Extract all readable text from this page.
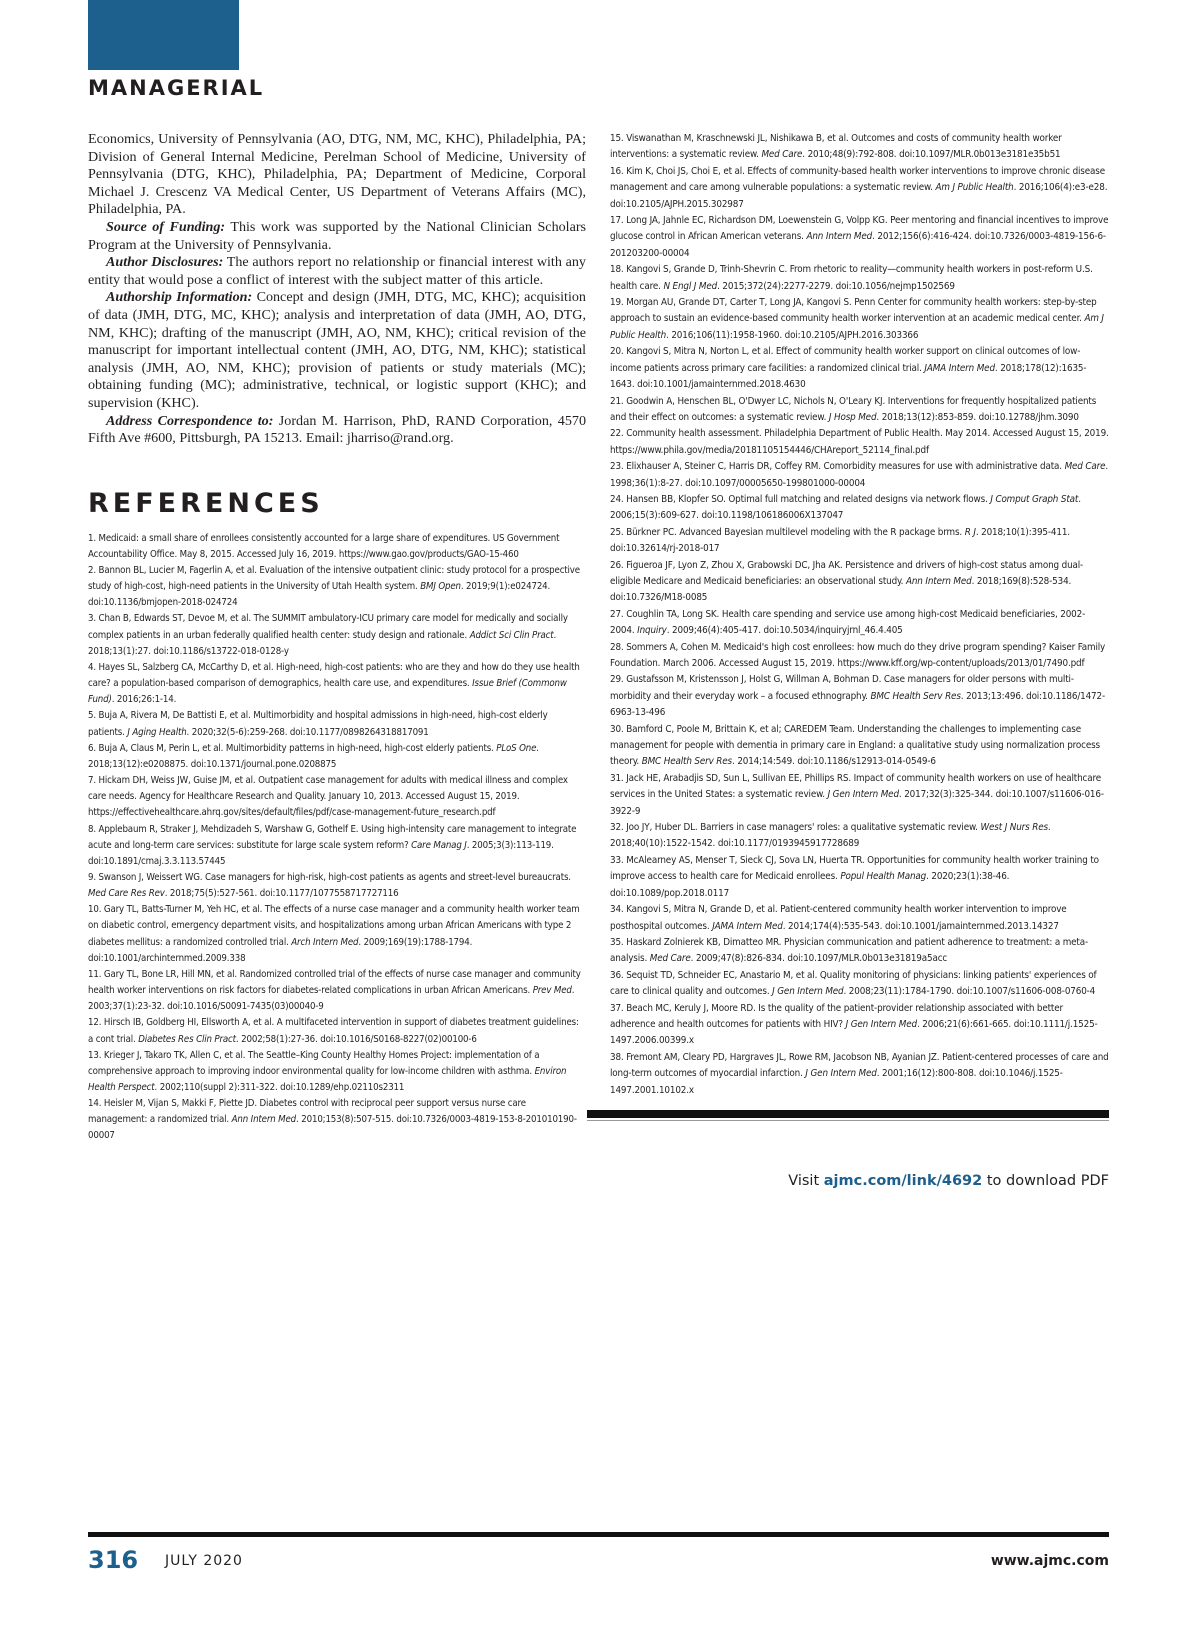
MANAGERIAL

Economics, University of Pennsylvania (AO, DTG, NM, MC, KHC), Philadelphia, PA; Division of General Internal Medicine, Perelman School of Medicine, University of Pennsylvania (DTG, KHC), Philadelphia, PA; Department of Medicine, Corporal Michael J. Crescenz VA Medical Center, US Department of Veterans Affairs (MC), Philadelphia, PA.

Source of Funding: This work was supported by the National Clinician Scholars Program at the University of Pennsylvania.

Author Disclosures: The authors report no relationship or financial interest with any entity that would pose a conflict of interest with the subject matter of this article.

Authorship Information: Concept and design (JMH, DTG, MC, KHC); acquisition of data (JMH, DTG, MC, KHC); analysis and interpretation of data (JMH, AO, DTG, NM, KHC); drafting of the manuscript (JMH, AO, NM, KHC); critical revision of the manuscript for important intellectual content (JMH, AO, DTG, NM, KHC); statistical analysis (JMH, AO, NM, KHC); provision of patients or study materials (MC); obtaining funding (MC); administrative, technical, or logistic support (KHC); and supervision (KHC).

Address Correspondence to: Jordan M. Harrison, PhD, RAND Corporation, 4570 Fifth Ave #600, Pittsburgh, PA 15213. Email: jharriso@rand.org.

REFERENCES

1. Medicaid: a small share of enrollees consistently accounted for a large share of expenditures. US Government Accountability Office. May 8, 2015. Accessed July 16, 2019. https://www.gao.gov/products/GAO-15-460

2. Bannon BL, Lucier M, Fagerlin A, et al. Evaluation of the intensive outpatient clinic: study protocol for a prospective study of high-cost, high-need patients in the University of Utah Health system. BMJ Open. 2019;9(1):e024724. doi:10.1136/bmjopen-2018-024724

3. Chan B, Edwards ST, Devoe M, et al. The SUMMIT ambulatory-ICU primary care model for medically and socially complex patients in an urban federally qualified health center: study design and rationale. Addict Sci Clin Pract. 2018;13(1):27. doi:10.1186/s13722-018-0128-y

4. Hayes SL, Salzberg CA, McCarthy D, et al. High-need, high-cost patients: who are they and how do they use health care? a population-based comparison of demographics, health care use, and expenditures. Issue Brief (Commonw Fund). 2016;26:1-14.

5. Buja A, Rivera M, De Battisti E, et al. Multimorbidity and hospital admissions in high-need, high-cost elderly patients. J Aging Health. 2020;32(5-6):259-268. doi:10.1177/0898264318817091

6. Buja A, Claus M, Perin L, et al. Multimorbidity patterns in high-need, high-cost elderly patients. PLoS One. 2018;13(12):e0208875. doi:10.1371/journal.pone.0208875

7. Hickam DH, Weiss JW, Guise JM, et al. Outpatient case management for adults with medical illness and complex care needs. Agency for Healthcare Research and Quality. January 10, 2013. Accessed August 15, 2019. https://effectivehealthcare.ahrq.gov/sites/default/files/pdf/case-management-future_research.pdf

8. Applebaum R, Straker J, Mehdizadeh S, Warshaw G, Gothelf E. Using high-intensity care management to integrate acute and long-term care services: substitute for large scale system reform? Care Manag J. 2005;3(3):113-119. doi:10.1891/cmaj.3.3.113.57445

9. Swanson J, Weissert WG. Case managers for high-risk, high-cost patients as agents and street-level bureaucrats. Med Care Res Rev. 2018;75(5):527-561. doi:10.1177/1077558717727116

10. Gary TL, Batts-Turner M, Yeh HC, et al. The effects of a nurse case manager and a community health worker team on diabetic control, emergency department visits, and hospitalizations among urban African Americans with type 2 diabetes mellitus: a randomized controlled trial. Arch Intern Med. 2009;169(19):1788-1794. doi:10.1001/archinternmed.2009.338

11. Gary TL, Bone LR, Hill MN, et al. Randomized controlled trial of the effects of nurse case manager and community health worker interventions on risk factors for diabetes-related complications in urban African Americans. Prev Med. 2003;37(1):23-32. doi:10.1016/S0091-7435(03)00040-9

12. Hirsch IB, Goldberg HI, Ellsworth A, et al. A multifaceted intervention in support of diabetes treatment guidelines: a cont trial. Diabetes Res Clin Pract. 2002;58(1):27-36. doi:10.1016/S0168-8227(02)00100-6

13. Krieger J, Takaro TK, Allen C, et al. The Seattle–King County Healthy Homes Project: implementation of a comprehensive approach to improving indoor environmental quality for low-income children with asthma. Environ Health Perspect. 2002;110(suppl 2):311-322. doi:10.1289/ehp.02110s2311

14. Heisler M, Vijan S, Makki F, Piette JD. Diabetes control with reciprocal peer support versus nurse care management: a randomized trial. Ann Intern Med. 2010;153(8):507-515. doi:10.7326/0003-4819-153-8-201010190-00007

15. Viswanathan M, Kraschnewski JL, Nishikawa B, et al. Outcomes and costs of community health worker interventions: a systematic review. Med Care. 2010;48(9):792-808. doi:10.1097/MLR.0b013e3181e35b51

16. Kim K, Choi JS, Choi E, et al. Effects of community-based health worker interventions to improve chronic disease management and care among vulnerable populations: a systematic review. Am J Public Health. 2016;106(4):e3-e28. doi:10.2105/AJPH.2015.302987

17. Long JA, Jahnle EC, Richardson DM, Loewenstein G, Volpp KG. Peer mentoring and financial incentives to improve glucose control in African American veterans. Ann Intern Med. 2012;156(6):416-424. doi:10.7326/0003-4819-156-6-201203200-00004

18. Kangovi S, Grande D, Trinh-Shevrin C. From rhetoric to reality—community health workers in post-reform U.S. health care. N Engl J Med. 2015;372(24):2277-2279. doi:10.1056/nejmp1502569

19. Morgan AU, Grande DT, Carter T, Long JA, Kangovi S. Penn Center for community health workers: step-by-step approach to sustain an evidence-based community health worker intervention at an academic medical center. Am J Public Health. 2016;106(11):1958-1960. doi:10.2105/AJPH.2016.303366

20. Kangovi S, Mitra N, Norton L, et al. Effect of community health worker support on clinical outcomes of low-income patients across primary care facilities: a randomized clinical trial. JAMA Intern Med. 2018;178(12):1635-1643. doi:10.1001/jamainternmed.2018.4630

21. Goodwin A, Henschen BL, O'Dwyer LC, Nichols N, O'Leary KJ. Interventions for frequently hospitalized patients and their effect on outcomes: a systematic review. J Hosp Med. 2018;13(12):853-859. doi:10.12788/jhm.3090

22. Community health assessment. Philadelphia Department of Public Health. May 2014. Accessed August 15, 2019. https://www.phila.gov/media/20181105154446/CHAreport_52114_final.pdf

23. Elixhauser A, Steiner C, Harris DR, Coffey RM. Comorbidity measures for use with administrative data. Med Care. 1998;36(1):8-27. doi:10.1097/00005650-199801000-00004

24. Hansen BB, Klopfer SO. Optimal full matching and related designs via network flows. J Comput Graph Stat. 2006;15(3):609-627. doi:10.1198/106186006X137047

25. Bürkner PC. Advanced Bayesian multilevel modeling with the R package brms. R J. 2018;10(1):395-411. doi:10.32614/rj-2018-017

26. Figueroa JF, Lyon Z, Zhou X, Grabowski DC, Jha AK. Persistence and drivers of high-cost status among dual-eligible Medicare and Medicaid beneficiaries: an observational study. Ann Intern Med. 2018;169(8):528-534. doi:10.7326/M18-0085

27. Coughlin TA, Long SK. Health care spending and service use among high-cost Medicaid beneficiaries, 2002-2004. Inquiry. 2009;46(4):405-417. doi:10.5034/inquiryjrnl_46.4.405

28. Sommers A, Cohen M. Medicaid's high cost enrollees: how much do they drive program spending? Kaiser Family Foundation. March 2006. Accessed August 15, 2019. https://www.kff.org/wp-content/uploads/2013/01/7490.pdf

29. Gustafsson M, Kristensson J, Holst G, Willman A, Bohman D. Case managers for older persons with multi-morbidity and their everyday work – a focused ethnography. BMC Health Serv Res. 2013;13:496. doi:10.1186/1472-6963-13-496

30. Bamford C, Poole M, Brittain K, et al; CAREDEM Team. Understanding the challenges to implementing case management for people with dementia in primary care in England: a qualitative study using normalization process theory. BMC Health Serv Res. 2014;14:549. doi:10.1186/s12913-014-0549-6

31. Jack HE, Arabadjis SD, Sun L, Sullivan EE, Phillips RS. Impact of community health workers on use of healthcare services in the United States: a systematic review. J Gen Intern Med. 2017;32(3):325-344. doi:10.1007/s11606-016-3922-9

32. Joo JY, Huber DL. Barriers in case managers' roles: a qualitative systematic review. West J Nurs Res. 2018;40(10):1522-1542. doi:10.1177/0193945917728689

33. McAlearney AS, Menser T, Sieck CJ, Sova LN, Huerta TR. Opportunities for community health worker training to improve access to health care for Medicaid enrollees. Popul Health Manag. 2020;23(1):38-46. doi:10.1089/pop.2018.0117

34. Kangovi S, Mitra N, Grande D, et al. Patient-centered community health worker intervention to improve posthospital outcomes. JAMA Intern Med. 2014;174(4):535-543. doi:10.1001/jamainternmed.2013.14327

35. Haskard Zolnierek KB, Dimatteo MR. Physician communication and patient adherence to treatment: a meta-analysis. Med Care. 2009;47(8):826-834. doi:10.1097/MLR.0b013e31819a5acc

36. Sequist TD, Schneider EC, Anastario M, et al. Quality monitoring of physicians: linking patients' experiences of care to clinical quality and outcomes. J Gen Intern Med. 2008;23(11):1784-1790. doi:10.1007/s11606-008-0760-4

37. Beach MC, Keruly J, Moore RD. Is the quality of the patient-provider relationship associated with better adherence and health outcomes for patients with HIV? J Gen Intern Med. 2006;21(6):661-665. doi:10.1111/j.1525-1497.2006.00399.x

38. Fremont AM, Cleary PD, Hargraves JL, Rowe RM, Jacobson NB, Ayanian JZ. Patient-centered processes of care and long-term outcomes of myocardial infarction. J Gen Intern Med. 2001;16(12):800-808. doi:10.1046/j.1525-1497.2001.10102.x

Visit ajmc.com/link/4692 to download PDF
316 JULY 2020	www.ajmc.com
